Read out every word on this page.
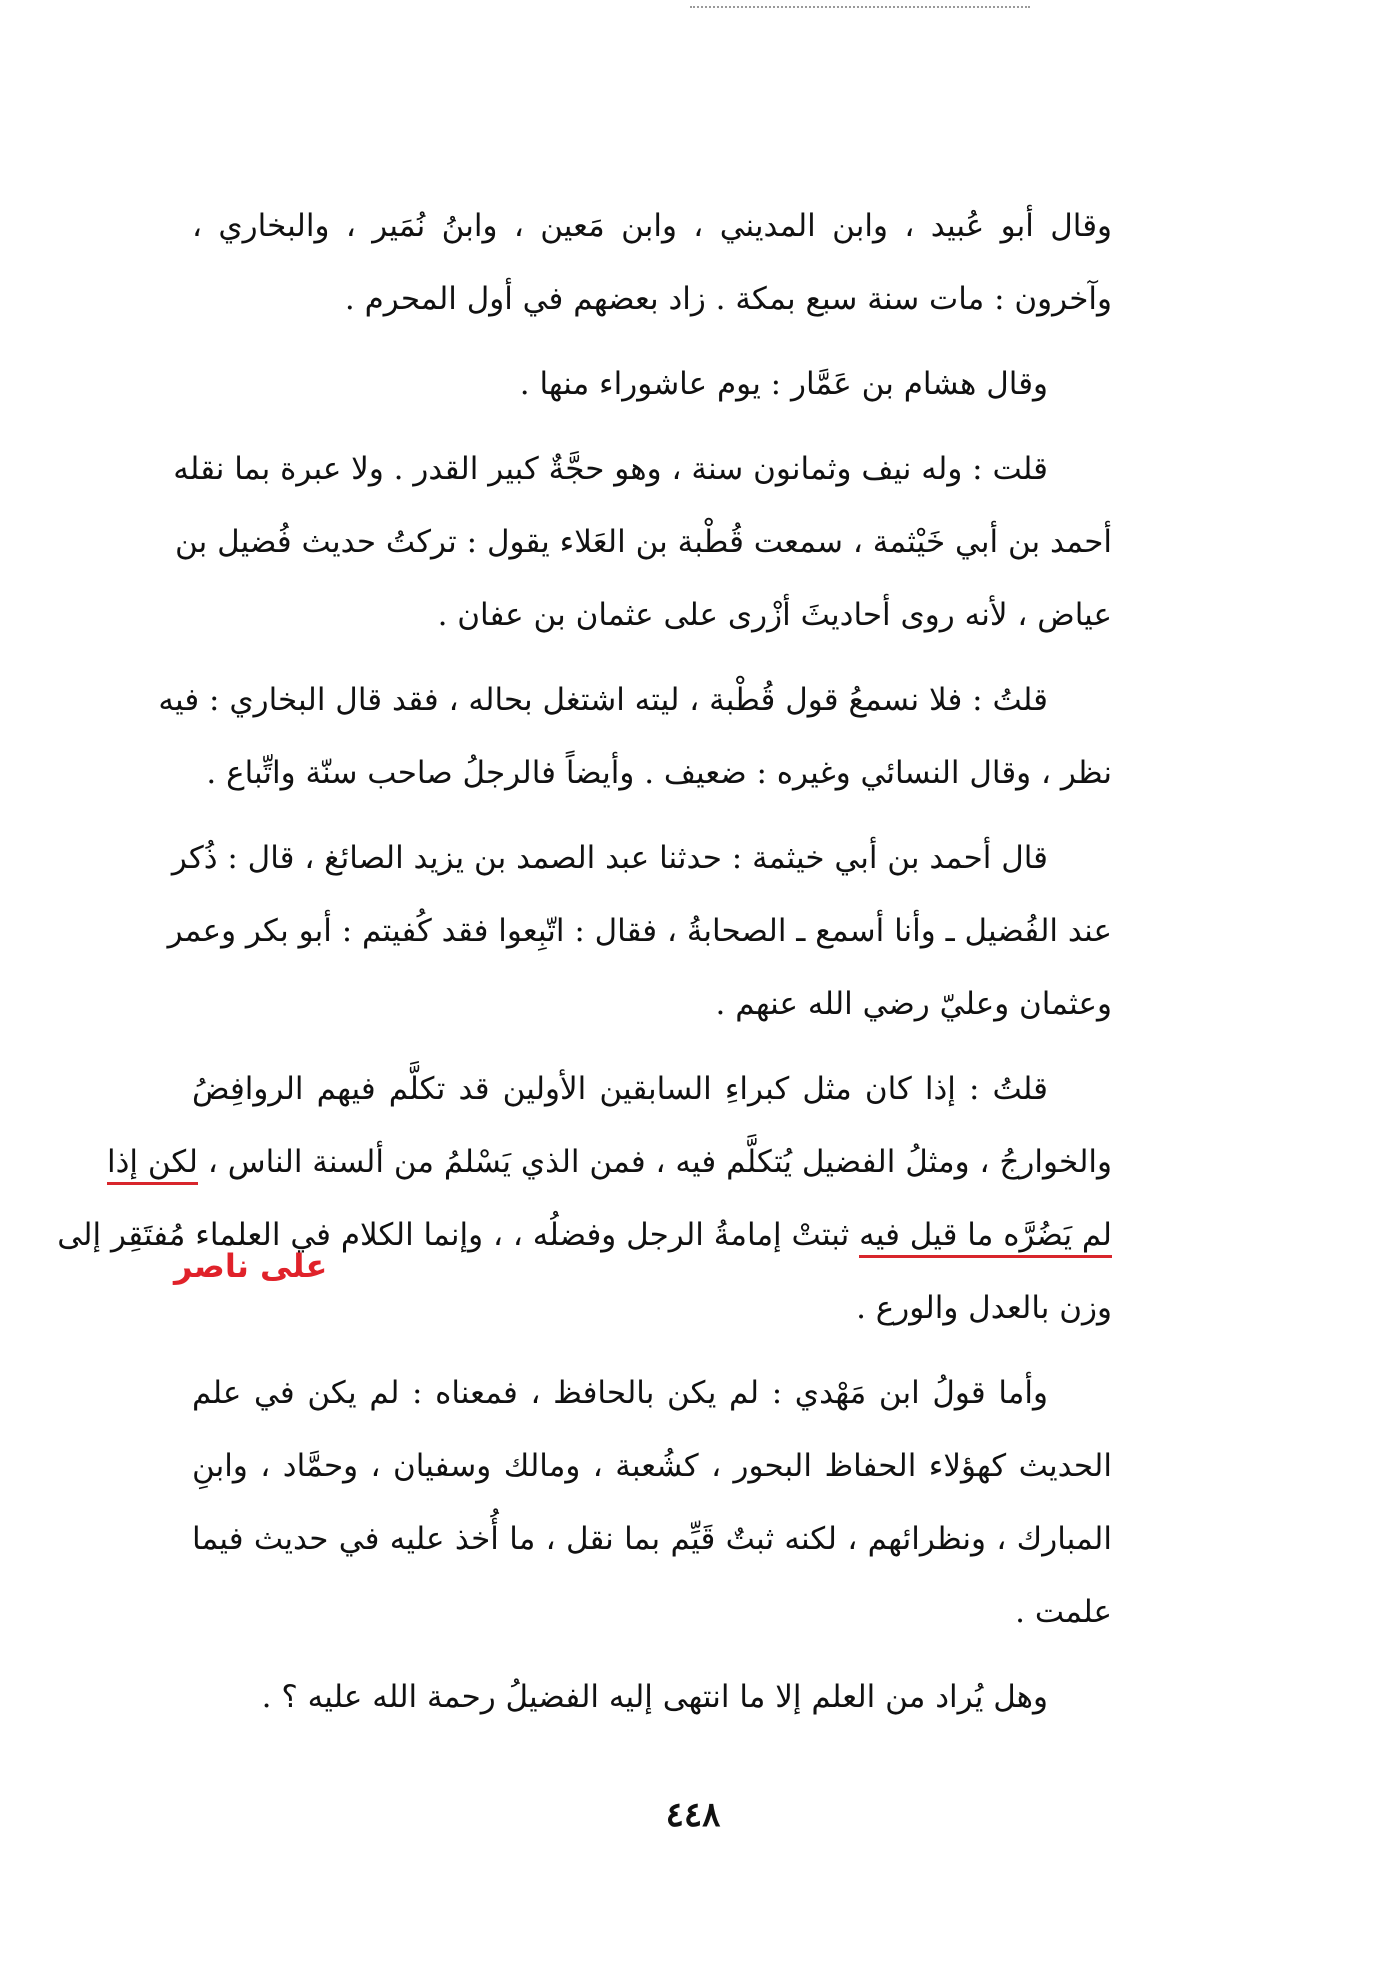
وقال أبو عُبيد ، وابن المديني ، وابن مَعين ، وابنُ نُمَير ، والبخاري ،
وآخرون : مات سنة سبع بمكة . زاد بعضهم في أول المحرم .

وقال هشام بن عَمَّار : يوم عاشوراء منها .

قلت : وله نيف وثمانون سنة ، وهو حجَّةٌ كبير القدر . ولا عبرة بما نقله
أحمد بن أبي خَيْثمة ، سمعت قُطْبة بن العَلاء يقول : تركتُ حديث فُضيل بن
عياض ، لأنه روى أحاديثَ أزْرى على عثمان بن عفان .

قلتُ : فلا نسمعُ قول قُطْبة ، ليته اشتغل بحاله ، فقد قال البخاري : فيه
نظر ، وقال النسائي وغيره : ضعيف . وأيضاً فالرجلُ صاحب سنّة واتِّباع .

قال أحمد بن أبي خيثمة : حدثنا عبد الصمد بن يزيد الصائغ ، قال : ذُكر
عند الفُضيل ـ وأنا أسمع ـ الصحابةُ ، فقال : اتّبِعوا فقد كُفيتم : أبو بكر وعمر
وعثمان وعليّ رضي الله عنهم .

قلتُ : إذا كان مثل كبراءِ السابقين الأولين قد تكلَّم فيهم الروافِضُ
والخوارجُ ، ومثلُ الفضيل يُتكلَّم فيه ، فمن الذي يَسْلمُ من ألسنة الناس ، لكن إذا
لم يَضُرَّه ما قيل فيه ثبتتْ إمامةُ الرجل وفضلُه ، ، وإنما الكلام في العلماء مُفتَقِر إلى
وزن بالعدل والورع .

وأما قولُ ابن مَهْدي : لم يكن بالحافظ ، فمعناه : لم يكن في علم
الحديث كهؤلاء الحفاظ البحور ، كشُعبة ، ومالك وسفيان ، وحمَّاد ، وابنِ
المبارك ، ونظرائهم ، لكنه ثبتٌ قَيِّم بما نقل ، ما أُخذ عليه في حديث فيما
علمت .

وهل يُراد من العلم إلا ما انتهى إليه الفضيلُ رحمة الله عليه ؟ .

على ناصر
٤٤٨
